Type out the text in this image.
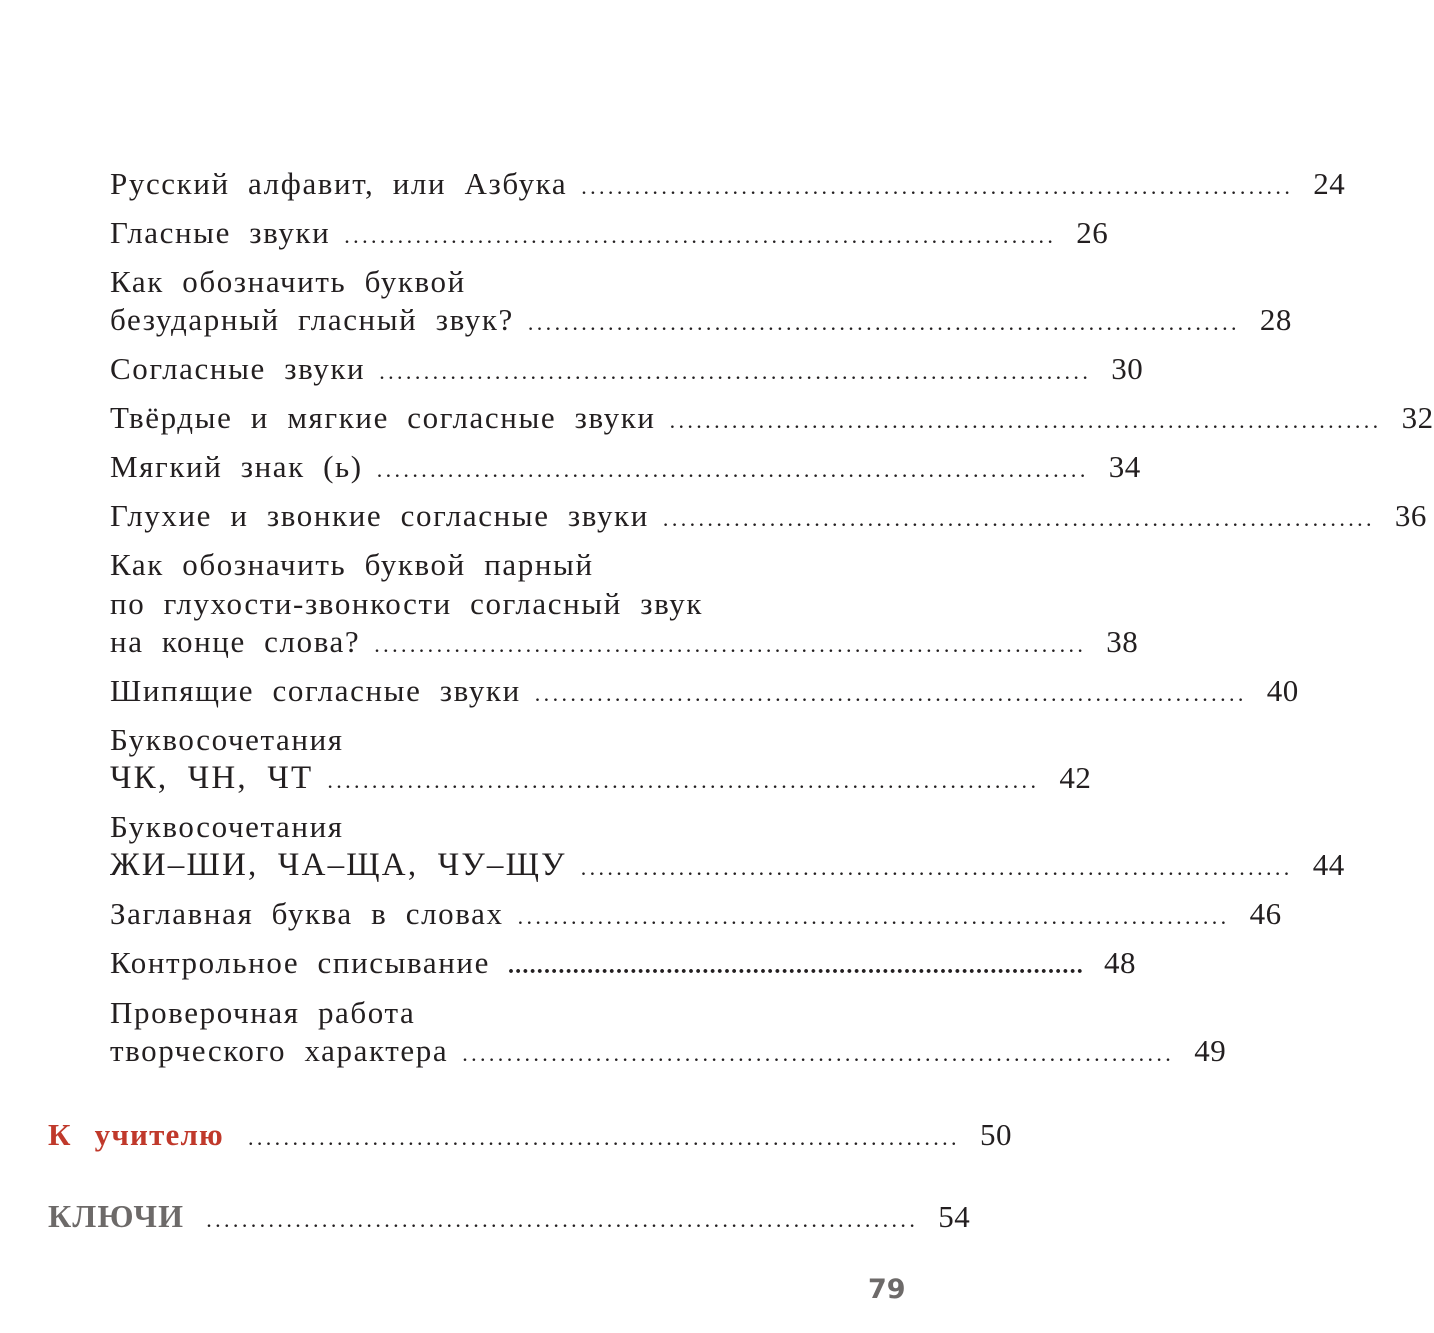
Русский алфавит, или Азбука ................................................................................ 24
Гласные звуки ................................................................................ 26
Как обозначить буквой
безударный гласный звук? ................................................................................ 28
Согласные звуки ................................................................................ 30
Твёрдые и мягкие согласные звуки ................................................................................ 32
Мягкий знак (ь) ................................................................................ 34
Глухие и звонкие согласные звуки ................................................................................ 36
Как обозначить буквой парный
по глухости-звонкости согласный звук
на конце слова? ................................................................................ 38
Шипящие согласные звуки ................................................................................ 40
Буквосочетания
ЧК, ЧН, ЧТ ................................................................................ 42
Буквосочетания
ЖИ–ШИ, ЧА–ЩА, ЧУ–ЩУ ................................................................................ 44
Заглавная буква в словах ................................................................................ 46
Контрольное списывание ................................................................................ 48
Проверочная работа
творческого характера ................................................................................ 49
К учителю ................................................................................ 50
КЛЮЧИ ................................................................................ 54
79
